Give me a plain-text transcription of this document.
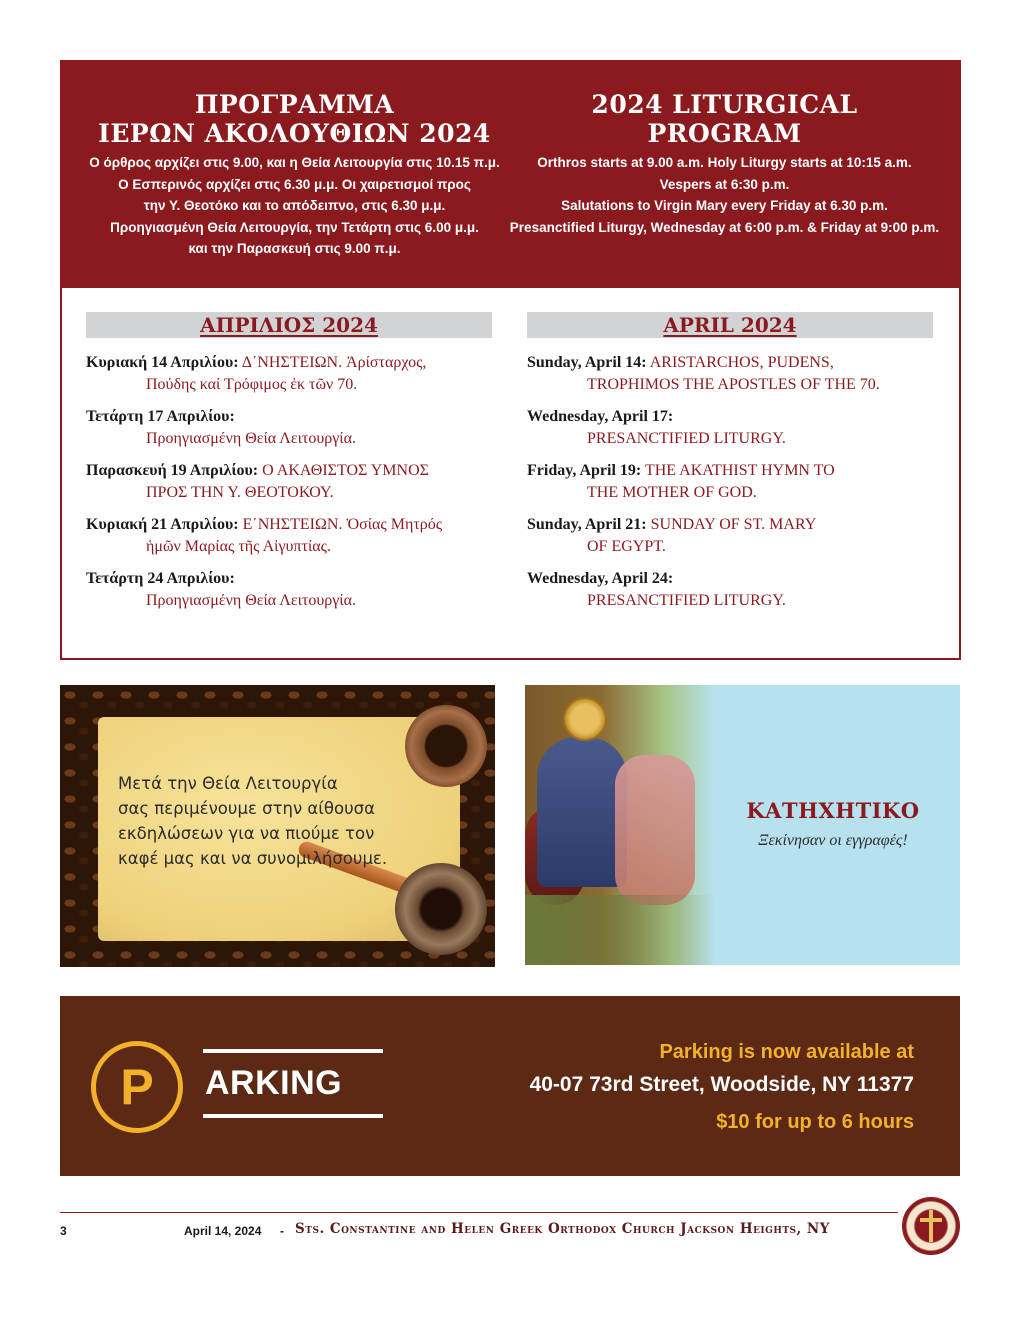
ΠΡΟΓΡΑΜΜΑ
ΙΕΡΩΝ ΑΚΟΛΟΥΘΙΩΝ 2024
Ο όρθρος αρχίζει στις 9.00, και η Θεία Λειτουργία στις 10.15 π.μ.
Ο Εσπερινός αρχίζει στις 6.30 μ.μ. Οι χαιρετισμοί προς
την Υ. Θεοτόκο και το απόδειπνο, στις 6.30 μ.μ.
Προηγιασμένη Θεία Λειτουργία, την Τετάρτη στις 6.00 μ.μ.
και την Παρασκευή στις 9.00 π.μ.
2024 LITURGICAL
PROGRAM
Orthros starts at 9.00 a.m. Holy Liturgy starts at 10:15 a.m.
Vespers at 6:30 p.m.
Salutations to Virgin Mary every Friday at 6.30 p.m.
Presanctified Liturgy, Wednesday at 6:00 p.m. & Friday at 9:00 p.m.
ΑΠΡΙΛΙΟΣ 2024
Κυριακή 14 Απριλίου: Δ΄ΝΗΣΤΕΙΩΝ. Ἀρίσταρχος,
Πούδης καί Τρόφιμος ἐκ τῶν 70.
Τετάρτη 17 Απριλίου:
Προηγιασμένη Θεία Λειτουργία.
Παρασκευή 19 Απριλίου: Ο ΑΚΑΘΙΣΤΟΣ ΥΜΝΟΣ
ΠΡΟΣ ΤΗΝ Υ. ΘΕΟΤΟΚΟΥ.
Κυριακή 21 Απριλίου: Ε΄ΝΗΣΤΕΙΩΝ. Ὁσίας Μητρός
ἡμῶν Μαρίας τῆς Αἰγυπτίας.
Τετάρτη 24 Απριλίου:
Προηγιασμένη Θεία Λειτουργία.
APRIL 2024
Sunday, April 14: ARISTARCHOS, PUDENS,
TROPHIMOS THE APOSTLES OF THE 70.
Wednesday, April 17:
PRESANCTIFIED LITURGY.
Friday, April 19: THE AKATHIST HYMN TO
THE MOTHER OF GOD.
Sunday, April 21: SUNDAY OF ST. MARY
OF EGYPT.
Wednesday, April 24:
PRESANCTIFIED LITURGY.
Μετά την Θεία Λειτουργία
σας περιμένουμε στην αίθουσα
εκδηλώσεων για να πιούμε τον
καφέ μας και να συνομιλήσουμε.
ΚΑΤΗΧΗΤΙΚΟ
Ξεκίνησαν οι εγγραφές!
P	ARKING
Parking is now available at
40-07 73rd Street, Woodside, NY 11377
$10 for up to 6 hours
3	April 14, 2024 - Sts. Constantine and Helen Greek Orthodox Church Jackson Heights, NY
